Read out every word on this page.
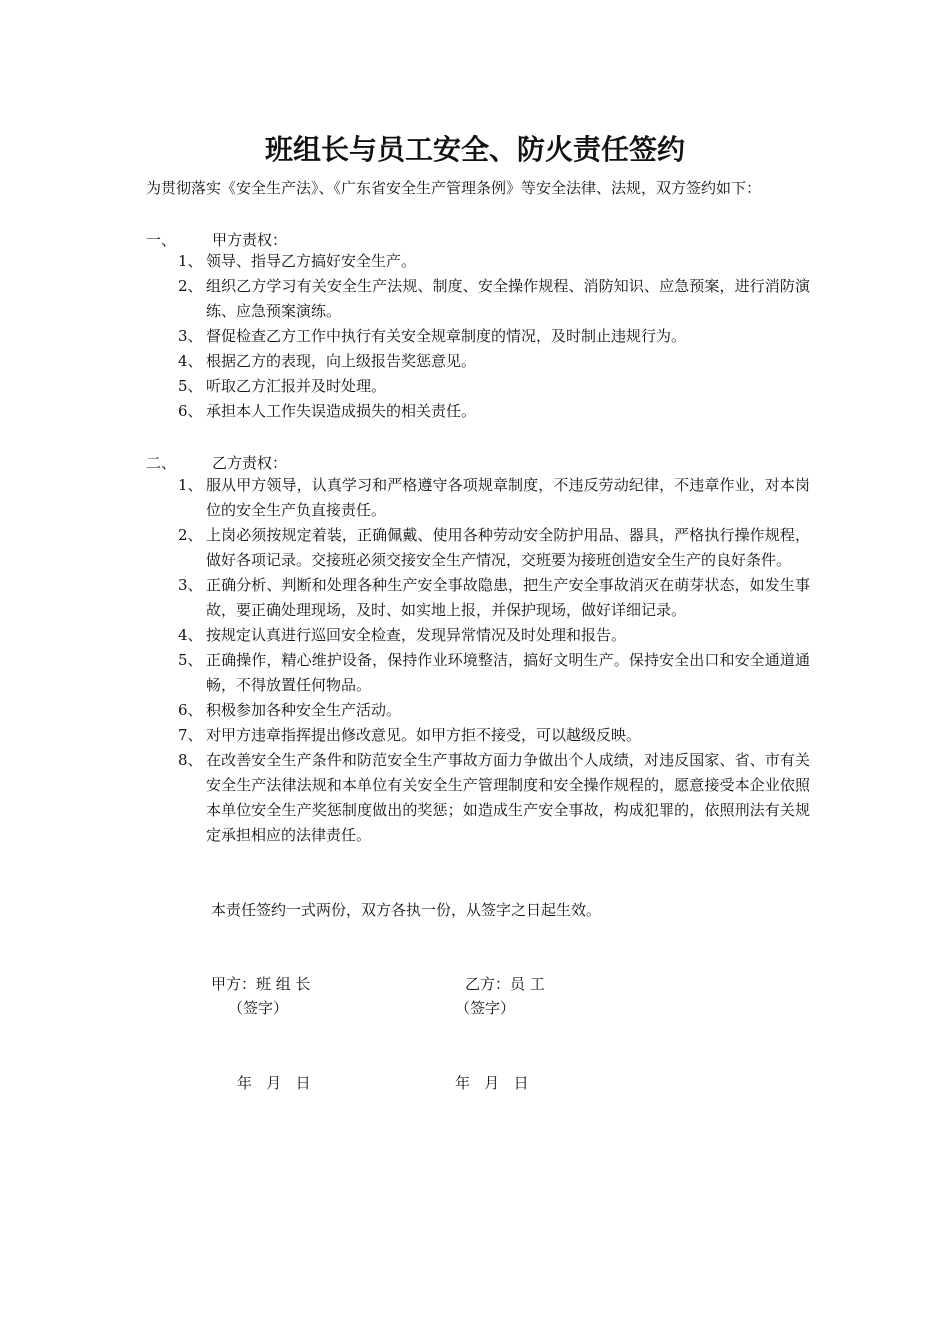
班组长与员工安全、防火责任签约
为贯彻落实《安全生产法》、《广东省安全生产管理条例》等安全法律、法规，双方签约如下：
一、 甲方责权：
1、 领导、指导乙方搞好安全生产。
2、 组织乙方学习有关安全生产法规、制度、安全操作规程、消防知识、应急预案，进行消防演练、应急预案演练。
3、 督促检查乙方工作中执行有关安全规章制度的情况，及时制止违规行为。
4、 根据乙方的表现，向上级报告奖惩意见。
5、 听取乙方汇报并及时处理。
6、 承担本人工作失误造成损失的相关责任。
二、 乙方责权：
1、 服从甲方领导，认真学习和严格遵守各项规章制度，不违反劳动纪律，不违章作业，对本岗位的安全生产负直接责任。
2、 上岗必须按规定着装，正确佩戴、使用各种劳动安全防护用品、器具，严格执行操作规程，做好各项记录。交接班必须交接安全生产情况，交班要为接班创造安全生产的良好条件。
3、 正确分析、判断和处理各种生产安全事故隐患，把生产安全事故消灭在萌芽状态，如发生事故，要正确处理现场，及时、如实地上报，并保护现场，做好详细记录。
4、 按规定认真进行巡回安全检查，发现异常情况及时处理和报告。
5、 正确操作，精心维护设备，保持作业环境整洁，搞好文明生产。保持安全出口和安全通道通畅，不得放置任何物品。
6、 积极参加各种安全生产活动。
7、 对甲方违章指挥提出修改意见。如甲方拒不接受，可以越级反映。
8、 在改善安全生产条件和防范安全生产事故方面力争做出个人成绩，对违反国家、省、市有关安全生产法律法规和本单位有关安全生产管理制度和安全操作规程的，愿意接受本企业依照本单位安全生产奖惩制度做出的奖惩；如造成生产安全事故，构成犯罪的，依照刑法有关规定承担相应的法律责任。
本责任签约一式两份，双方各执一份，从签字之日起生效。
甲方：班 组 长	乙方：员 工
（签字）	（签字）
年   月   日	年   月   日
